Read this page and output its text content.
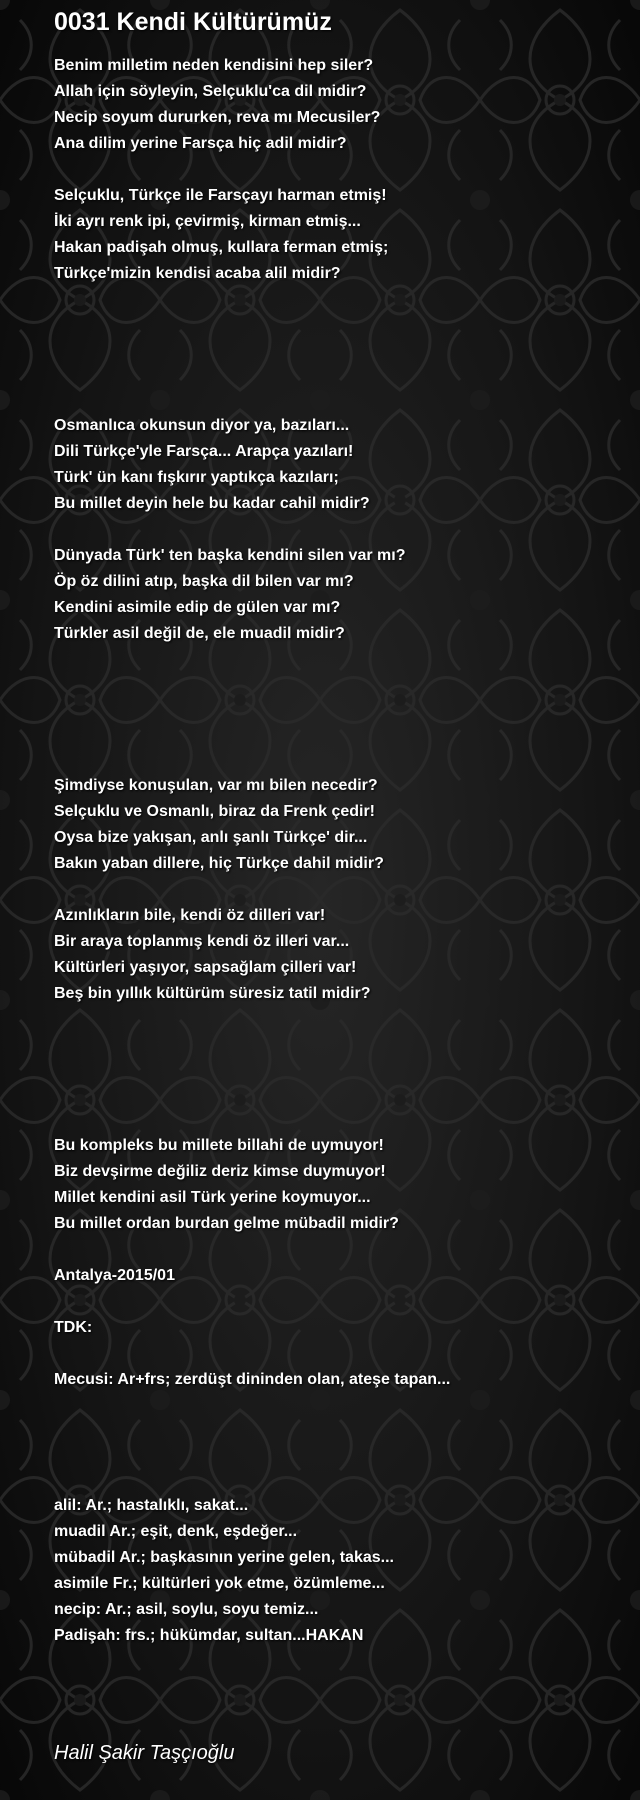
0031 Kendi Kültürümüz
Benim milletim neden kendisini hep siler?
Allah için söyleyin, Selçuklu'ca dil midir?
Necip soyum dururken, reva mı Mecusiler?
Ana dilim yerine Farsça hiç adil midir?
Selçuklu, Türkçe ile Farsçayı harman etmiş!
İki ayrı renk ipi, çevirmiş, kirman etmiş...
Hakan padişah olmuş, kullara ferman etmiş;
Türkçe'mizin kendisi acaba alil midir?
Osmanlıca okunsun diyor ya, bazıları...
Dili Türkçe'yle Farsça... Arapça yazıları!
Türk' ün kanı fışkırır yaptıkça kazıları;
Bu millet deyin hele bu kadar cahil midir?
Dünyada Türk' ten başka kendini silen var mı?
Öp öz dilini atıp, başka dil bilen var mı?
Kendini asimile edip de gülen var mı?
Türkler asil değil de, ele muadil midir?
Şimdiyse konuşulan, var mı bilen necedir?
Selçuklu ve Osmanlı, biraz da Frenk çedir!
Oysa bize yakışan, anlı şanlı Türkçe' dir...
Bakın yaban dillere, hiç Türkçe dahil midir?
Azınlıkların bile, kendi öz dilleri var!
Bir araya toplanmış kendi öz illeri var...
Kültürleri yaşıyor, sapsağlam çilleri var!
Beş bin yıllık kültürüm süresiz tatil midir?
Bu kompleks bu millete billahi de uymuyor!
Biz devşirme değiliz deriz kimse duymuyor!
Millet kendini asil Türk yerine koymuyor...
Bu millet ordan burdan gelme mübadil midir?
Antalya-2015/01
TDK:
Mecusi: Ar+frs; zerdüşt dininden olan, ateşe tapan...
alil: Ar.; hastalıklı, sakat...
muadil Ar.; eşit, denk, eşdeğer...
mübadil Ar.; başkasının yerine gelen, takas...
asimile Fr.; kültürleri yok etme, özümleme...
necip: Ar.; asil, soylu, soyu temiz...
Padişah: frs.; hükümdar, sultan...HAKAN
Halil Şakir Taşçıoğlu
